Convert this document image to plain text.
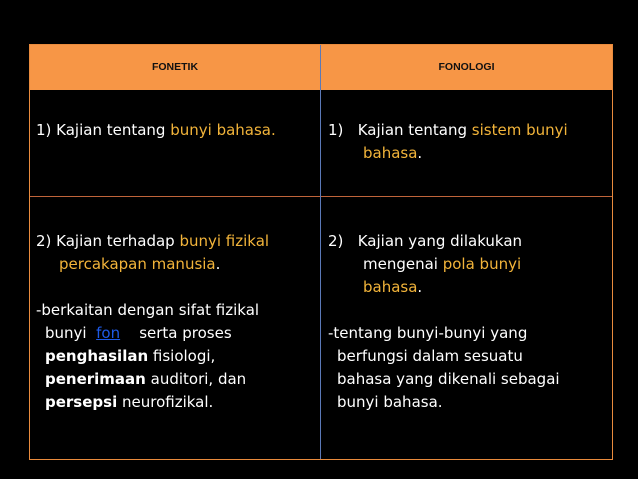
FONETIK	FONOLOGI
1) Kajian tentang bunyi bahasa.	1) Kajian tentang sistem bunyi
bahasa.
2) Kajian terhadap bunyi fizikal
percakapan manusia.

-berkaitan dengan sifat fizikal
bunyi fon serta proses
penghasilan fisiologi,
penerimaan auditori, dan
persepsi neurofizikal.
2) Kajian yang dilakukan
mengenai pola bunyi
bahasa.

-tentang bunyi-bunyi yang
berfungsi dalam sesuatu
bahasa yang dikenali sebagai
bunyi bahasa.
